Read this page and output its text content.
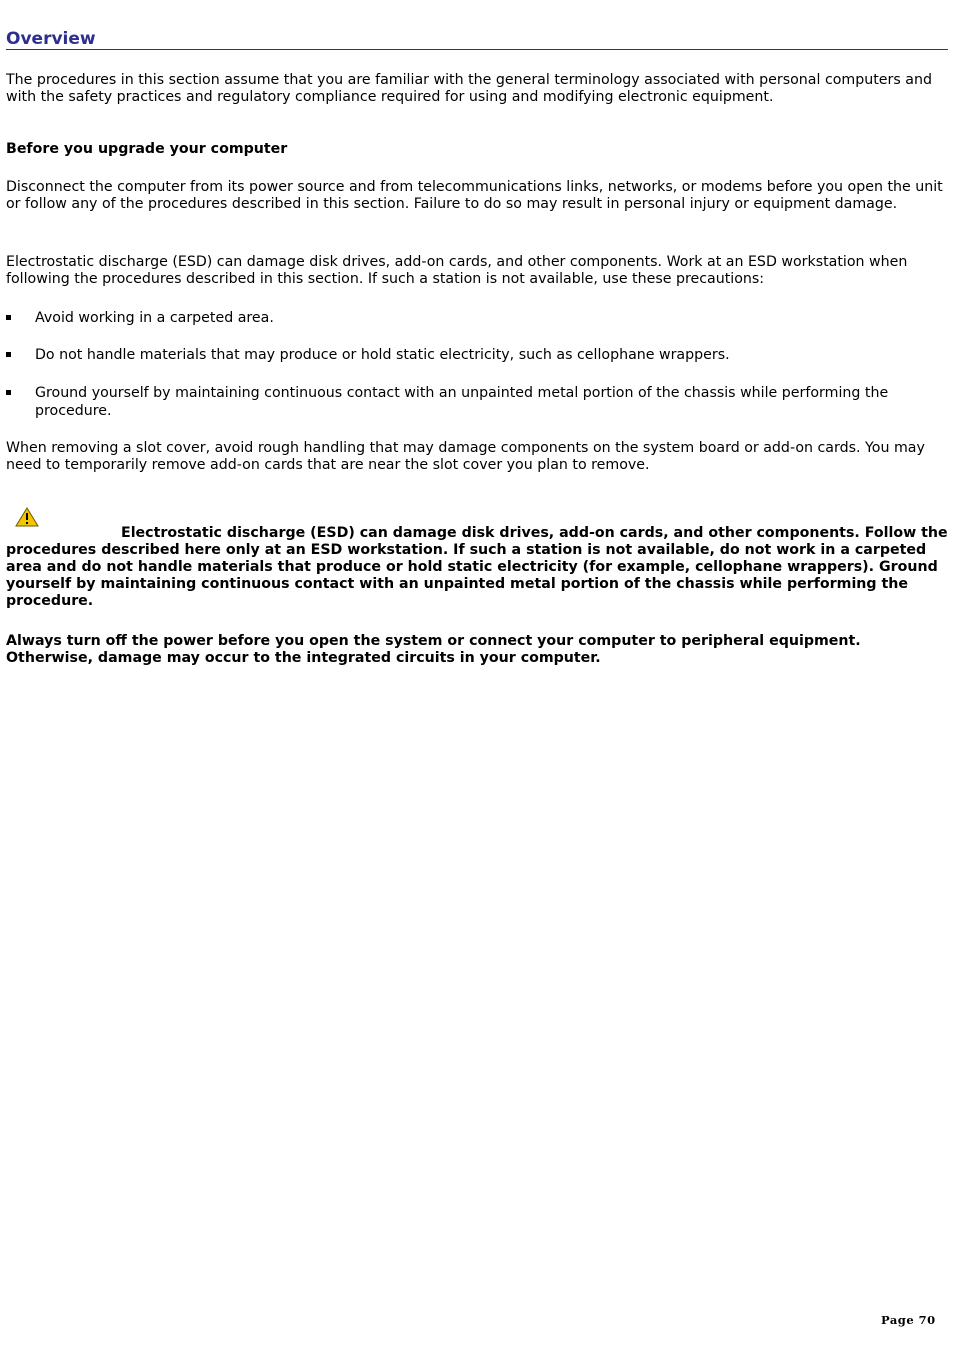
Overview

The procedures in this section assume that you are familiar with the general terminology associated with personal computers and with the safety practices and regulatory compliance required for using and modifying electronic equipment.

Before you upgrade your computer

Disconnect the computer from its power source and from telecommunications links, networks, or modems before you open the unit or follow any of the procedures described in this section. Failure to do so may result in personal injury or equipment damage.

Electrostatic discharge (ESD) can damage disk drives, add-on cards, and other components. Work at an ESD workstation when following the procedures described in this section. If such a station is not available, use these precautions:

Avoid working in a carpeted area.
Do not handle materials that may produce or hold static electricity, such as cellophane wrappers.
Ground yourself by maintaining continuous contact with an unpainted metal portion of the chassis while performing the procedure.

When removing a slot cover, avoid rough handling that may damage components on the system board or add-on cards. You may need to temporarily remove add-on cards that are near the slot cover you plan to remove.

Electrostatic discharge (ESD) can damage disk drives, add-on cards, and other components. Follow the procedures described here only at an ESD workstation. If such a station is not available, do not work in a carpeted area and do not handle materials that produce or hold static electricity (for example, cellophane wrappers). Ground yourself by maintaining continuous contact with an unpainted metal portion of the chassis while performing the procedure.

Always turn off the power before you open the system or connect your computer to peripheral equipment. Otherwise, damage may occur to the integrated circuits in your computer.

Page 70
